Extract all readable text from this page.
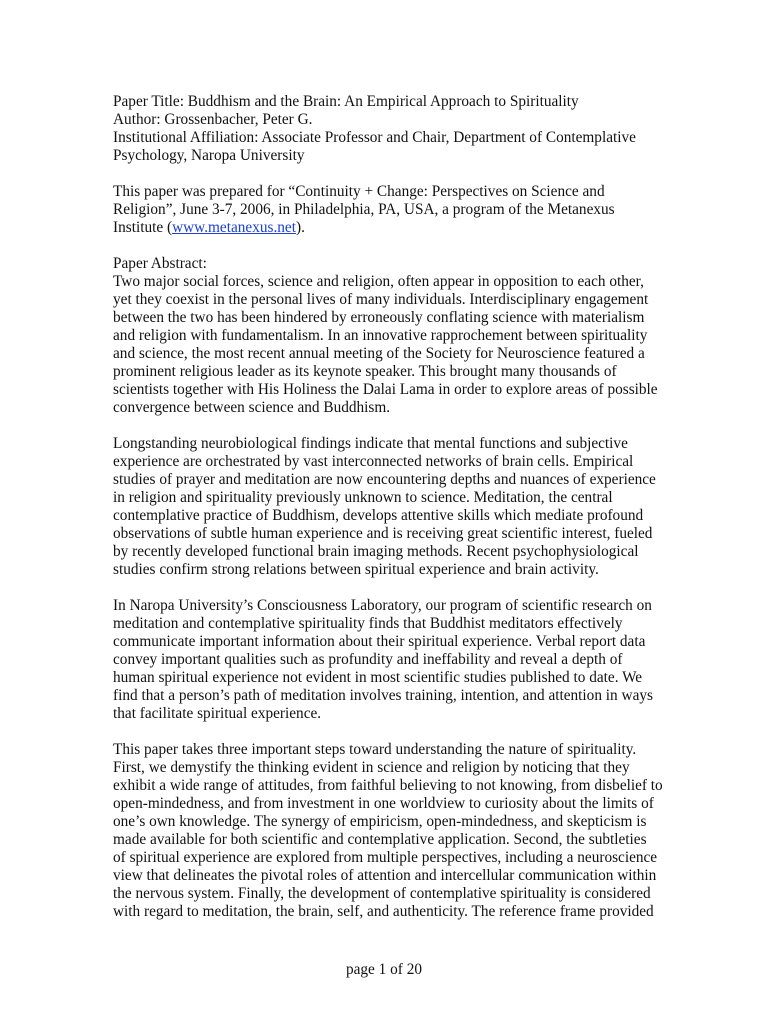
Paper Title: Buddhism and the Brain: An Empirical Approach to Spirituality
Author: Grossenbacher, Peter G.
Institutional Affiliation: Associate Professor and Chair, Department of Contemplative
Psychology, Naropa University
This paper was prepared for “Continuity + Change: Perspectives on Science and
Religion”, June 3-7, 2006, in Philadelphia, PA, USA, a program of the Metanexus
Institute (www.metanexus.net).
Paper Abstract:
Two major social forces, science and religion, often appear in opposition to each other,
yet they coexist in the personal lives of many individuals. Interdisciplinary engagement
between the two has been hindered by erroneously conflating science with materialism
and religion with fundamentalism. In an innovative rapprochement between spirituality
and science, the most recent annual meeting of the Society for Neuroscience featured a
prominent religious leader as its keynote speaker. This brought many thousands of
scientists together with His Holiness the Dalai Lama in order to explore areas of possible
convergence between science and Buddhism.
Longstanding neurobiological findings indicate that mental functions and subjective
experience are orchestrated by vast interconnected networks of brain cells. Empirical
studies of prayer and meditation are now encountering depths and nuances of experience
in religion and spirituality previously unknown to science. Meditation, the central
contemplative practice of Buddhism, develops attentive skills which mediate profound
observations of subtle human experience and is receiving great scientific interest, fueled
by recently developed functional brain imaging methods. Recent psychophysiological
studies confirm strong relations between spiritual experience and brain activity.
In Naropa University’s Consciousness Laboratory, our program of scientific research on
meditation and contemplative spirituality finds that Buddhist meditators effectively
communicate important information about their spiritual experience. Verbal report data
convey important qualities such as profundity and ineffability and reveal a depth of
human spiritual experience not evident in most scientific studies published to date. We
find that a person’s path of meditation involves training, intention, and attention in ways
that facilitate spiritual experience.
This paper takes three important steps toward understanding the nature of spirituality.
First, we demystify the thinking evident in science and religion by noticing that they
exhibit a wide range of attitudes, from faithful believing to not knowing, from disbelief to
open-mindedness, and from investment in one worldview to curiosity about the limits of
one’s own knowledge. The synergy of empiricism, open-mindedness, and skepticism is
made available for both scientific and contemplative application. Second, the subtleties
of spiritual experience are explored from multiple perspectives, including a neuroscience
view that delineates the pivotal roles of attention and intercellular communication within
the nervous system. Finally, the development of contemplative spirituality is considered
with regard to meditation, the brain, self, and authenticity. The reference frame provided
page 1 of 20
